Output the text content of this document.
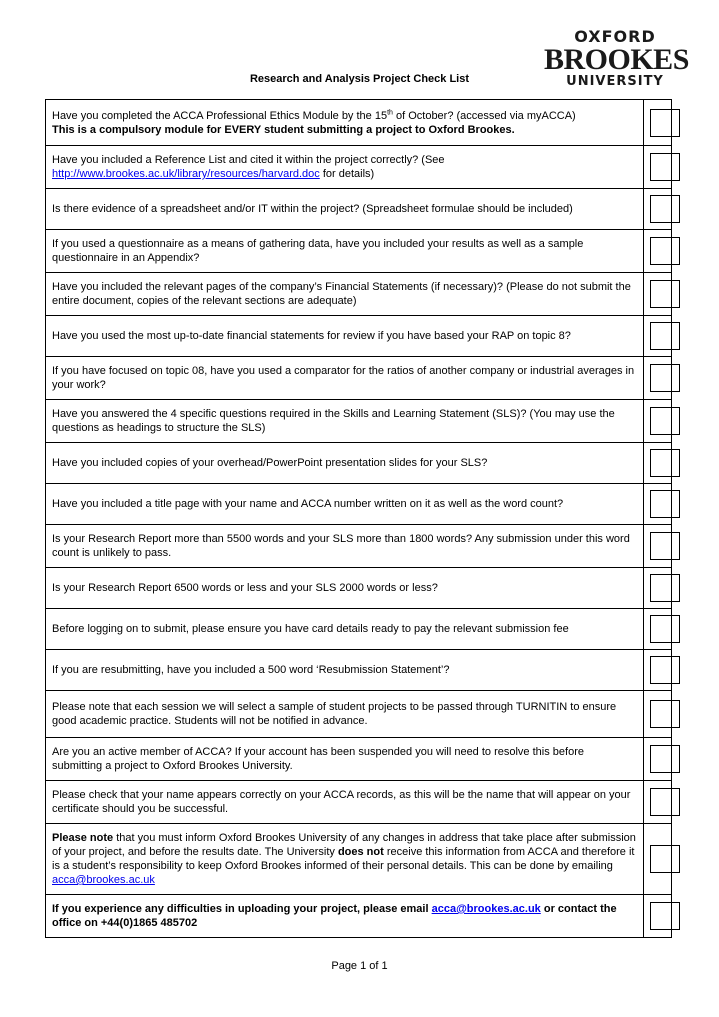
OXFORD
BROOKES
UNIVERSITY
Research and Analysis Project Check List
Have you completed the ACCA Professional Ethics Module by the 15th of October? (accessed via myACCA)
This is a compulsory module for EVERY student submitting a project to Oxford Brookes.	

Have you included a Reference List and cited it within the project correctly? (See
http://www.brookes.ac.uk/library/resources/harvard.doc for details)	

Is there evidence of a spreadsheet and/or IT within the project? (Spreadsheet formulae should be included)	

If you used a questionnaire as a means of gathering data, have you included your results as well as a sample questionnaire in an Appendix?	

Have you included the relevant pages of the company’s Financial Statements (if necessary)? (Please do not submit the entire document, copies of the relevant sections are adequate)	

Have you used the most up-to-date financial statements for review if you have based your RAP on topic 8?	

If you have focused on topic 08, have you used a comparator for the ratios of another company or industrial averages in your work?	

Have you answered the 4 specific questions required in the Skills and Learning Statement (SLS)? (You may use the questions as headings to structure the SLS)	

Have you included copies of your overhead/PowerPoint presentation slides for your SLS?	

Have you included a title page with your name and ACCA number written on it as well as the word count?	

Is your Research Report more than 5500 words and your SLS more than 1800 words? Any submission under this word count is unlikely to pass.	

Is your Research Report 6500 words or less and your SLS 2000 words or less?	

Before logging on to submit, please ensure you have card details ready to pay the relevant submission fee	

If you are resubmitting, have you included a 500 word ‘Resubmission Statement’?	

Please note that each session we will select a sample of student projects to be passed through TURNITIN to ensure good academic practice. Students will not be notified in advance.	

Are you an active member of ACCA? If your account has been suspended you will need to resolve this before submitting a project to Oxford Brookes University.	

Please check that your name appears correctly on your ACCA records, as this will be the name that will appear on your certificate should you be successful.	

Please note that you must inform Oxford Brookes University of any changes in address that take place after submission of your project, and before the results date. The University does not receive this information from ACCA and therefore it is a student’s responsibility to keep Oxford Brookes informed of their personal details. This can be done by emailing acca@brookes.ac.uk	

If you experience any difficulties in uploading your project, please email acca@brookes.ac.uk or contact the office on +44(0)1865 485702	
Page 1 of 1
